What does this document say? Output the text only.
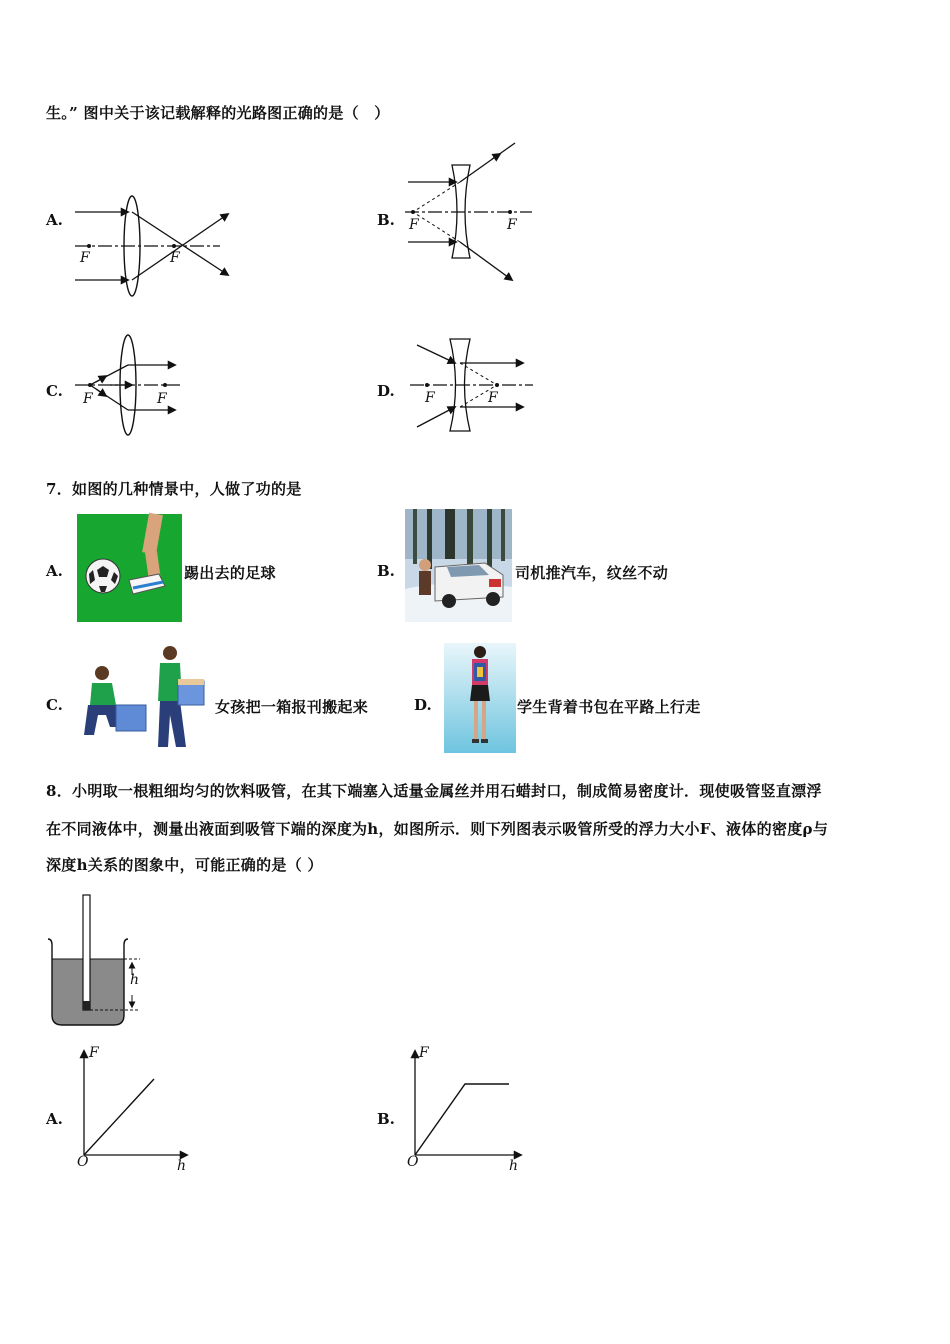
生。” 图中关于该记载解释的光路图正确的是（　）
A.
F	F
B. F	F
C. F	F	D. F	F
7．如图的几种情景中，人做了功的是
A.	踢出去的足球	B.	司机推汽车，纹丝不动
C.	女孩把一箱报刊搬起来	D.	学生背着书包在平路上行走
8．小明取一根粗细均匀的饮料吸管，在其下端塞入适量金属丝并用石蜡封口，制成简易密度计．现使吸管竖直漂浮
在不同液体中，测量出液面到吸管下端的深度为h，如图所示．则下列图表示吸管所受的浮力大小F、液体的密度ρ与
深度h关系的图象中，可能正确的是（ ）
h
A.
F
h
O
B.
F
h
O
